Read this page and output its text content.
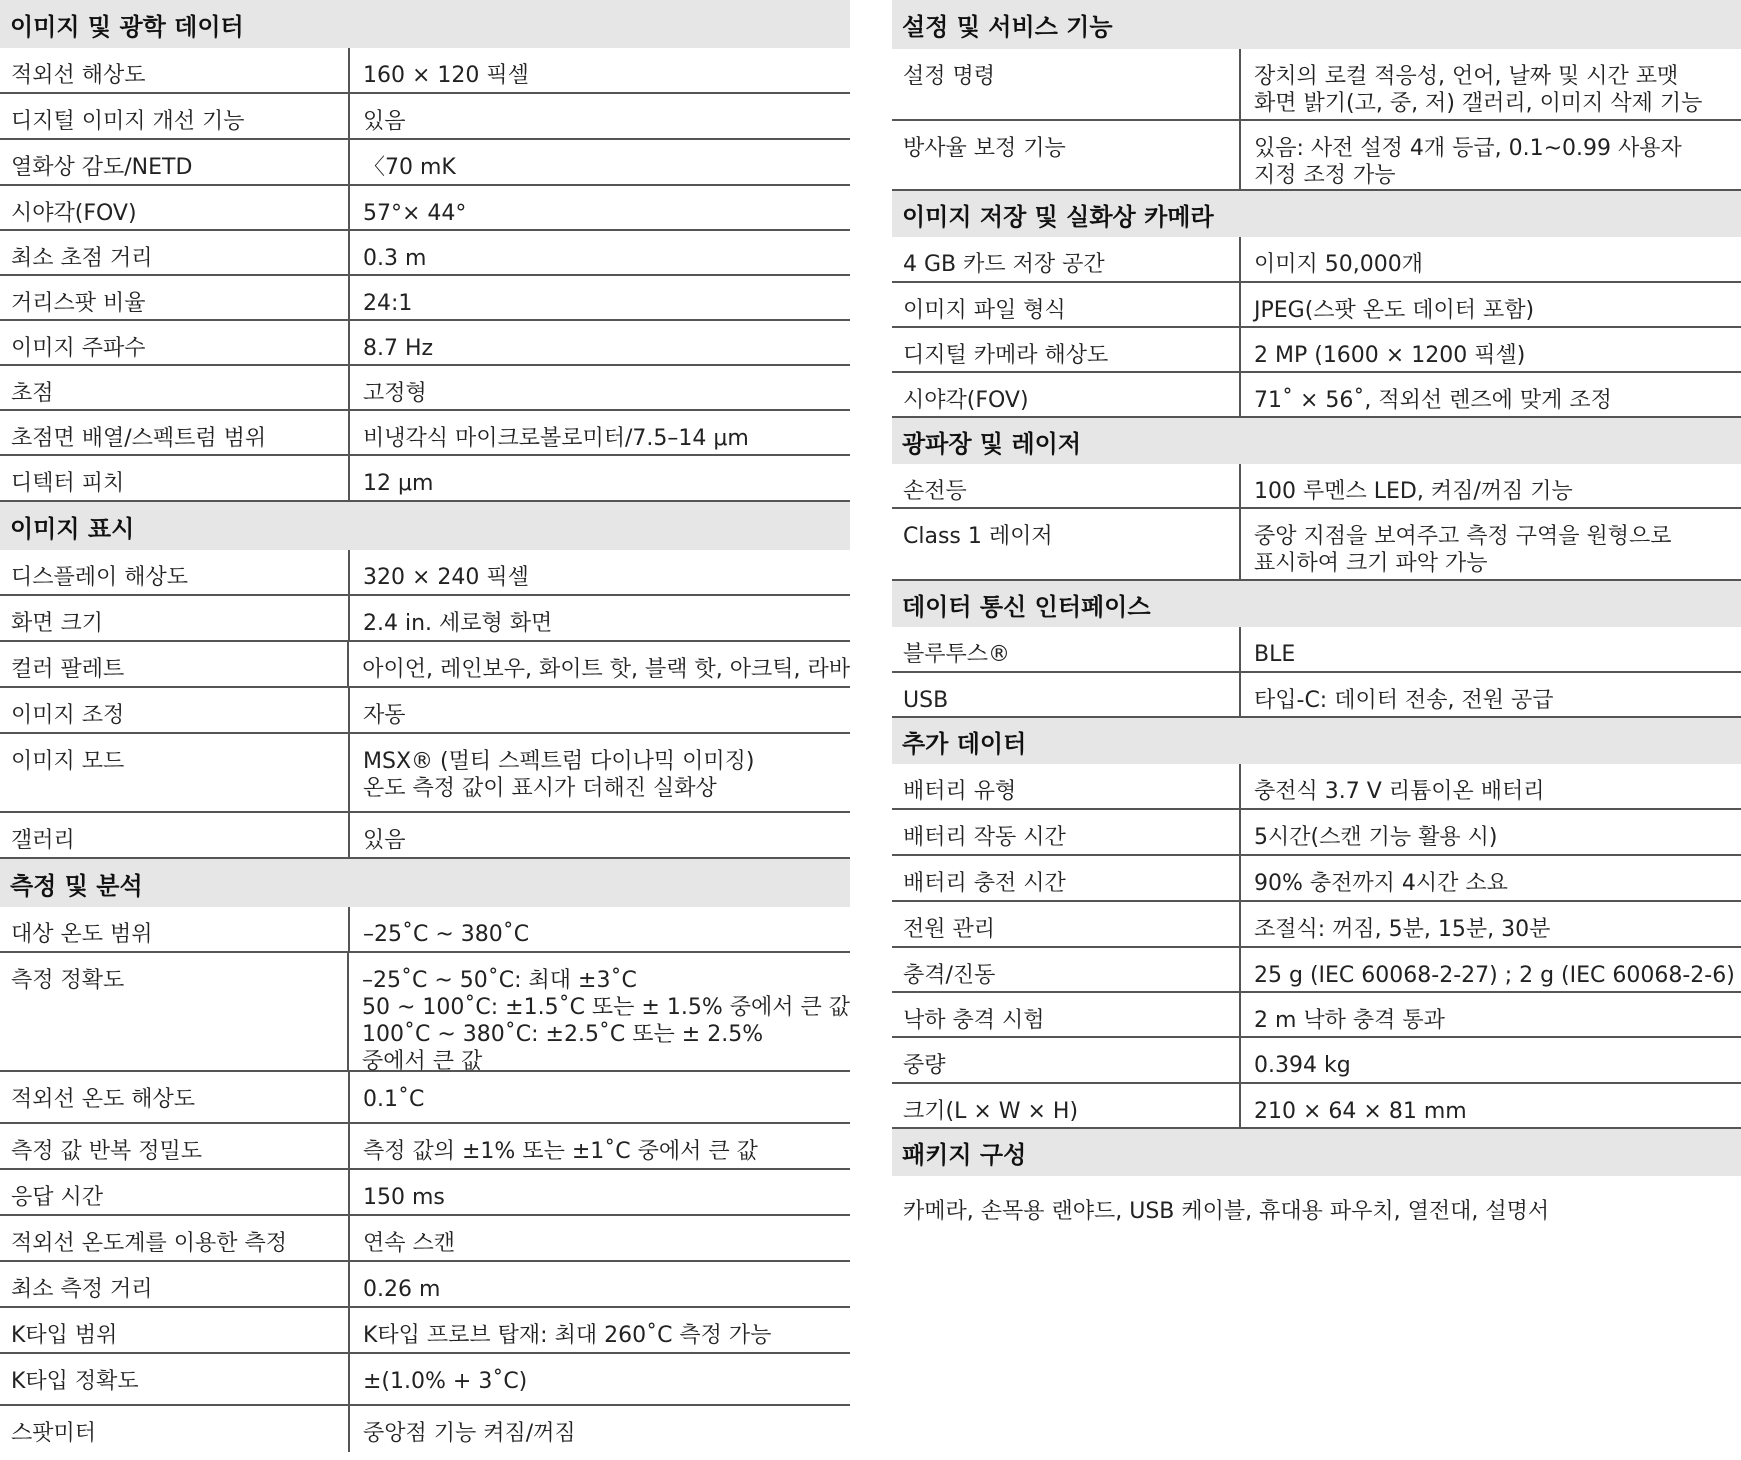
이미지 및 광학 데이터
적외선 해상도	160 × 120 픽셀
디지털 이미지 개선 기능	있음
열화상 감도/NETD	〈70 mK
시야각(FOV)	57°× 44°
최소 초점 거리	0.3 m
거리스팟 비율	24:1
이미지 주파수	8.7 Hz
초점	고정형
초점면 배열/스펙트럼 범위	비냉각식 마이크로볼로미터/7.5–14 μm
디텍터 피치	12 μm
이미지 표시
디스플레이 해상도	320 × 240 픽셀
화면 크기	2.4 in. 세로형 화면
컬러 팔레트	아이언, 레인보우, 화이트 핫, 블랙 핫, 아크틱, 라바
이미지 조정	자동
이미지 모드	MSX® (멀티 스펙트럼 다이나믹 이미징)
온도 측정 값이 표시가 더해진 실화상
갤러리	있음
측정 및 분석
대상 온도 범위	–25˚C ~ 380˚C
측정 정확도	–25˚C ~ 50˚C: 최대 ±3˚C
50 ~ 100˚C: ±1.5˚C 또는 ± 1.5% 중에서 큰 값
100˚C ~ 380˚C: ±2.5˚C 또는 ± 2.5%
중에서 큰 값
적외선 온도 해상도	0.1˚C
측정 값 반복 정밀도	측정 값의 ±1% 또는 ±1˚C 중에서 큰 값
응답 시간	150 ms
적외선 온도계를 이용한 측정	연속 스캔
최소 측정 거리	0.26 m
K타입 범위	K타입 프로브 탑재: 최대 260˚C 측정 가능
K타입 정확도	±(1.0% + 3˚C)
스팟미터	중앙점 기능 켜짐/꺼짐
설정 및 서비스 기능
설정 명령	장치의 로컬 적응성, 언어, 날짜 및 시간 포맷
화면 밝기(고, 중, 저) 갤러리, 이미지 삭제 기능
방사율 보정 기능	있음: 사전 설정 4개 등급, 0.1~0.99 사용자
지정 조정 가능
이미지 저장 및 실화상 카메라
4 GB 카드 저장 공간	이미지 50,000개
이미지 파일 형식	JPEG(스팟 온도 데이터 포함)
디지털 카메라 해상도	2 MP (1600 × 1200 픽셀)
시야각(FOV)	71˚ × 56˚, 적외선 렌즈에 맞게 조정
광파장 및 레이저
손전등	100 루멘스 LED, 켜짐/꺼짐 기능
Class 1 레이저	중앙 지점을 보여주고 측정 구역을 원형으로
표시하여 크기 파악 가능
데이터 통신 인터페이스
블루투스®	BLE
USB	타입-C: 데이터 전송, 전원 공급
추가 데이터
배터리 유형	충전식 3.7 V 리튬이온 배터리
배터리 작동 시간	5시간(스캔 기능 활용 시)
배터리 충전 시간	90% 충전까지 4시간 소요
전원 관리	조절식: 꺼짐, 5분, 15분, 30분
충격/진동	25 g (IEC 60068-2-27) ; 2 g (IEC 60068-2-6)
낙하 충격 시험	2 m 낙하 충격 통과
중량	0.394 kg
크기(L × W × H)	210 × 64 × 81 mm
패키지 구성
카메라, 손목용 랜야드, USB 케이블, 휴대용 파우치, 열전대, 설명서
